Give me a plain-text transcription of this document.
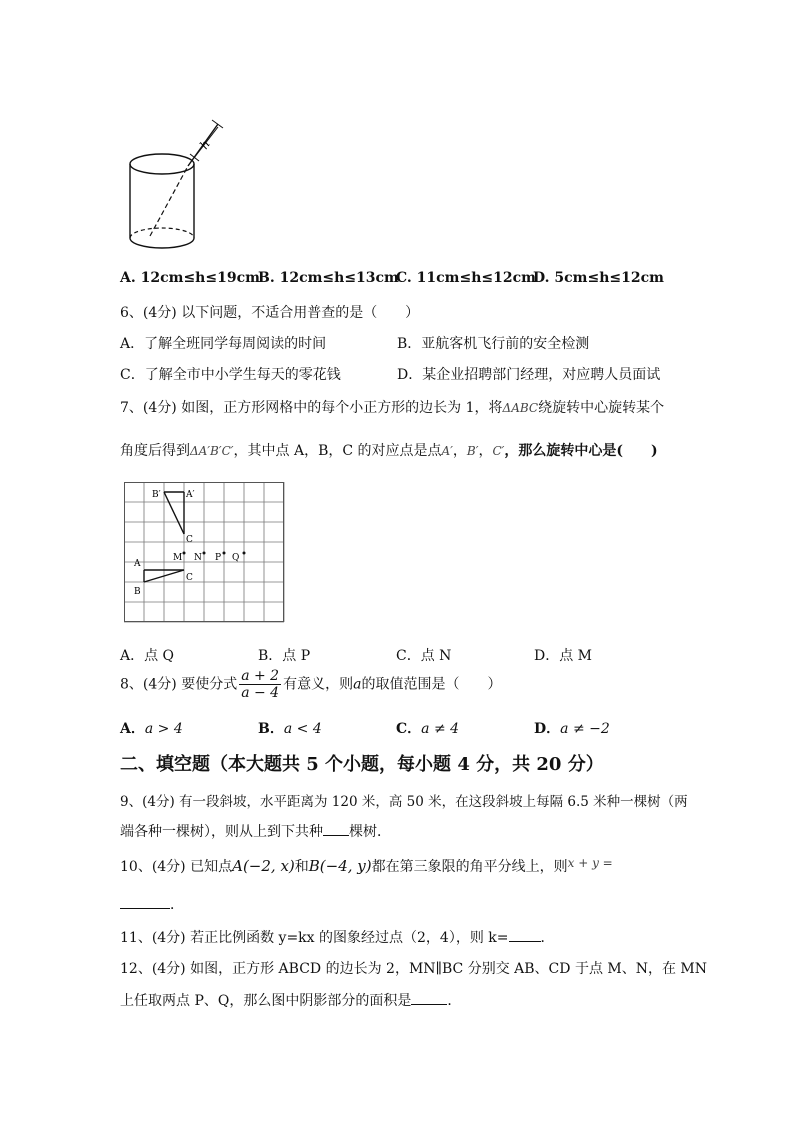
h
A. 12cm≤h≤19cm
B. 12cm≤h≤13cm
C. 11cm≤h≤12cm
D. 5cm≤h≤12cm
6、(4分) 以下问题，不适合用普查的是（　　）
A．了解全班同学每周阅读的时间	B．亚航客机飞行前的安全检测
C．了解全市中小学生每天的零花钱	D．某企业招聘部门经理，对应聘人员面试
7、(4分) 如图，正方形网格中的每个小正方形的边长为 1，将ΔABC绕旋转中心旋转某个
角度后得到ΔA′B′C′，其中点 A，B，C 的对应点是点A′，B′，C′，那么旋转中心是(　　)
B′	A′
C
A
M N P Q
C
B
A．点 Q	B．点 P	C．点 N	D．点 M
8、(4分) 要使分式 $\frac{a + 2}{a - 4}$ 有意义，则a的取值范围是（　　）
A．a > 4	B．a < 4	C．a ≠ 4	D．a ≠ −2
二、填空题（本大题共 5 个小题，每小题 4 分，共 20 分）
9、(4分) 有一段斜坡，水平距离为 120 米，高 50 米，在这段斜坡上每隔 6.5 米种一棵树（两
端各种一棵树），则从上到下共种 棵树．
10、(4分) 已知点A(−2, x)和B(−4, y)都在第三象限的角平分线上，则x + y =
．
11、(4分) 若正比例函数 y=kx 的图象经过点（2，4），则 k= ．
12、(4分) 如图，正方形 ABCD 的边长为 2，MN∥BC 分别交 AB、CD 于点 M、N，在 MN
上任取两点 P、Q，那么图中阴影部分的面积是	．
